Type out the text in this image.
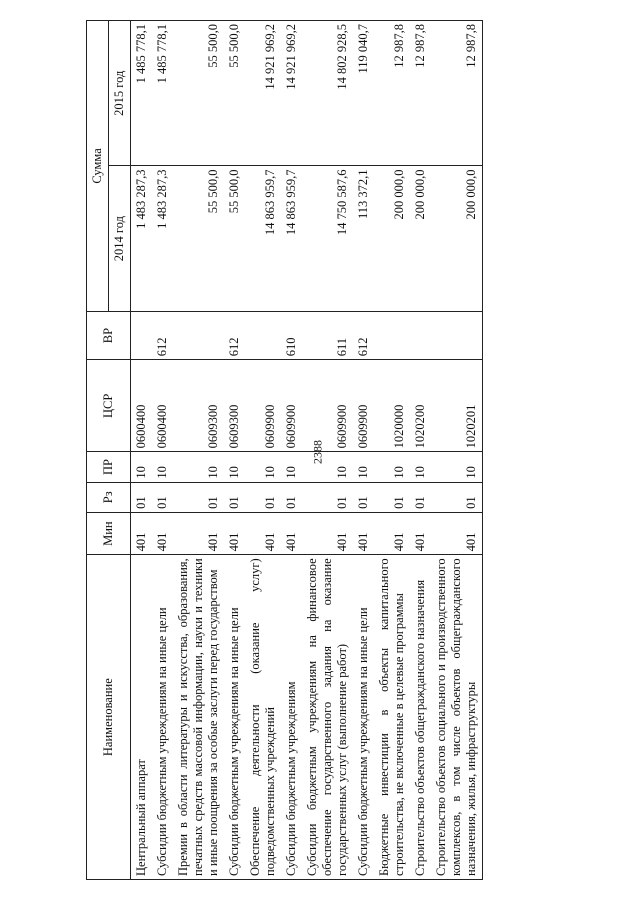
2388
Наименование	Мин	Рз	ПР	ЦСР	ВР	Сумма	
						2014 год	2015 год
Центральный аппарат	401	01	10	0600400		1 483 287,3	1 485 778,1
Субсидии бюджетным учреждениям на иные цели	401	01	10	0600400	612	1 483 287,3	1 485 778,1
Премии в области литературы и искусства, образования, печатных средств массовой информации, науки и техники и иные поощрения за особые заслуги перед государством	401	01	10	0609300		55 500,0	55 500,0
Субсидии бюджетным учреждениям на иные цели	401	01	10	0609300	612	55 500,0	55 500,0
Обеспечение деятельности (оказание услуг) подведомственных учреждений	401	01	10	0609900		14 863 959,7	14 921 969,2
Субсидии бюджетным учреждениям	401	01	10	0609900	610	14 863 959,7	14 921 969,2
Субсидии бюджетным учреждениям на финансовое обеспечение государственного задания на оказание государственных услуг (выполнение работ)	401	01	10	0609900	611	14 750 587,6	14 802 928,5
Субсидии бюджетным учреждениям на иные цели	401	01	10	0609900	612	113 372,1	119 040,7
Бюджетные инвестиции в объекты капитального строительства, не включенные в целевые программы	401	01	10	1020000		200 000,0	12 987,8
Строительство объектов общегражданского назначения	401	01	10	1020200		200 000,0	12 987,8
Строительство объектов социального и производственного комплексов, в том числе объектов общегражданского назначения, жилья, инфраструктуры	401	01	10	1020201		200 000,0	12 987,8
